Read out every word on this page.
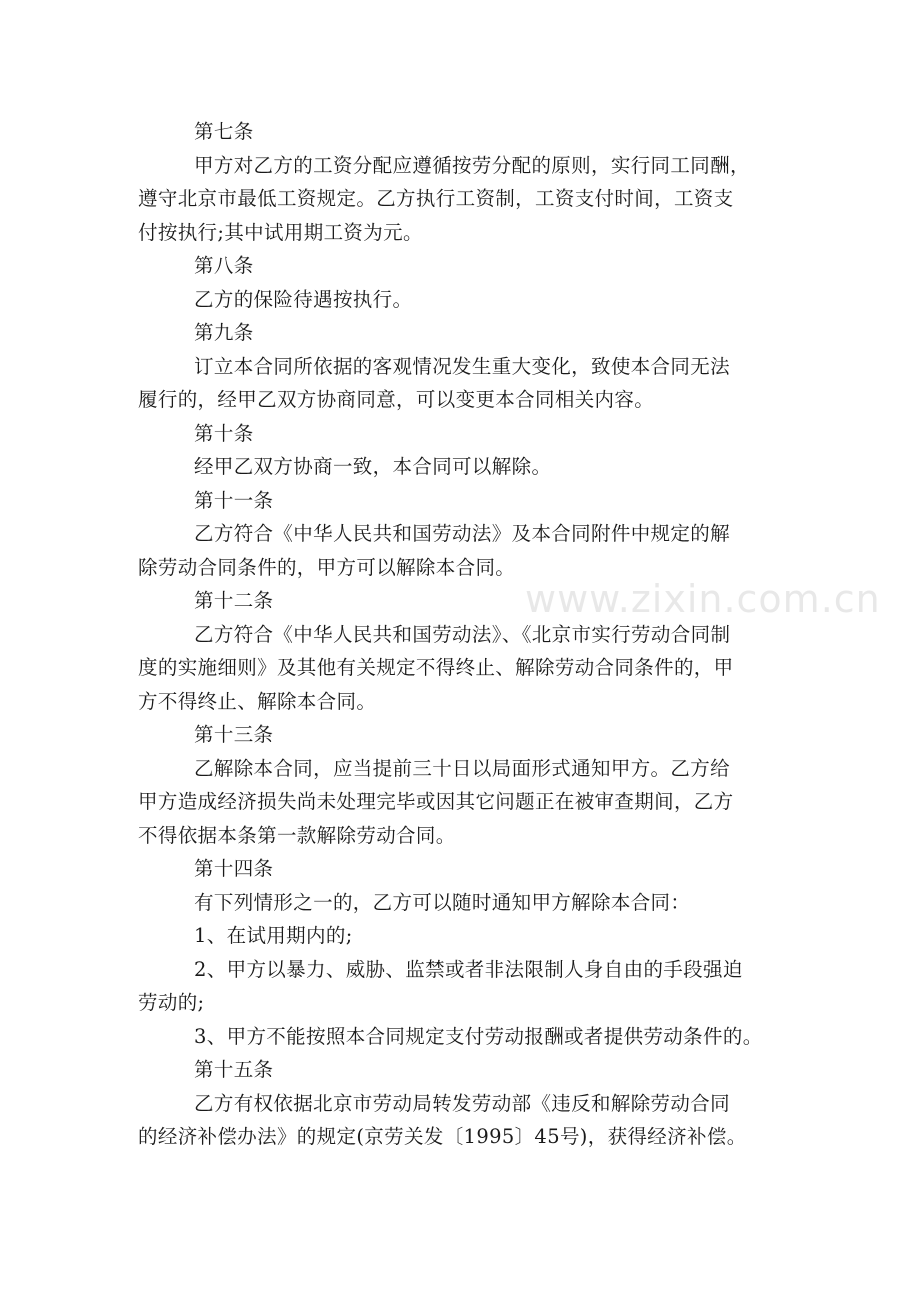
第七条
甲方对乙方的工资分配应遵循按劳分配的原则，实行同工同酬，
遵守北京市最低工资规定。乙方执行工资制，工资支付时间，工资支
付按执行;其中试用期工资为元。
第八条
乙方的保险待遇按执行。
第九条
订立本合同所依据的客观情况发生重大变化，致使本合同无法
履行的，经甲乙双方协商同意，可以变更本合同相关内容。
第十条
经甲乙双方协商一致，本合同可以解除。
第十一条
乙方符合《中华人民共和国劳动法》及本合同附件中规定的解
除劳动合同条件的，甲方可以解除本合同。
第十二条
乙方符合《中华人民共和国劳动法》、《北京市实行劳动合同制
度的实施细则》及其他有关规定不得终止、解除劳动合同条件的，甲
方不得终止、解除本合同。
第十三条
乙解除本合同，应当提前三十日以局面形式通知甲方。乙方给
甲方造成经济损失尚未处理完毕或因其它问题正在被审查期间，乙方
不得依据本条第一款解除劳动合同。
第十四条
有下列情形之一的，乙方可以随时通知甲方解除本合同：
1、在试用期内的;
2、甲方以暴力、威胁、监禁或者非法限制人身自由的手段强迫
劳动的;
3、甲方不能按照本合同规定支付劳动报酬或者提供劳动条件的。
第十五条
乙方有权依据北京市劳动局转发劳动部《违反和解除劳动合同
的经济补偿办法》的规定(京劳关发〔1995〕45号)，获得经济补偿。
www.zixin.com.cn
